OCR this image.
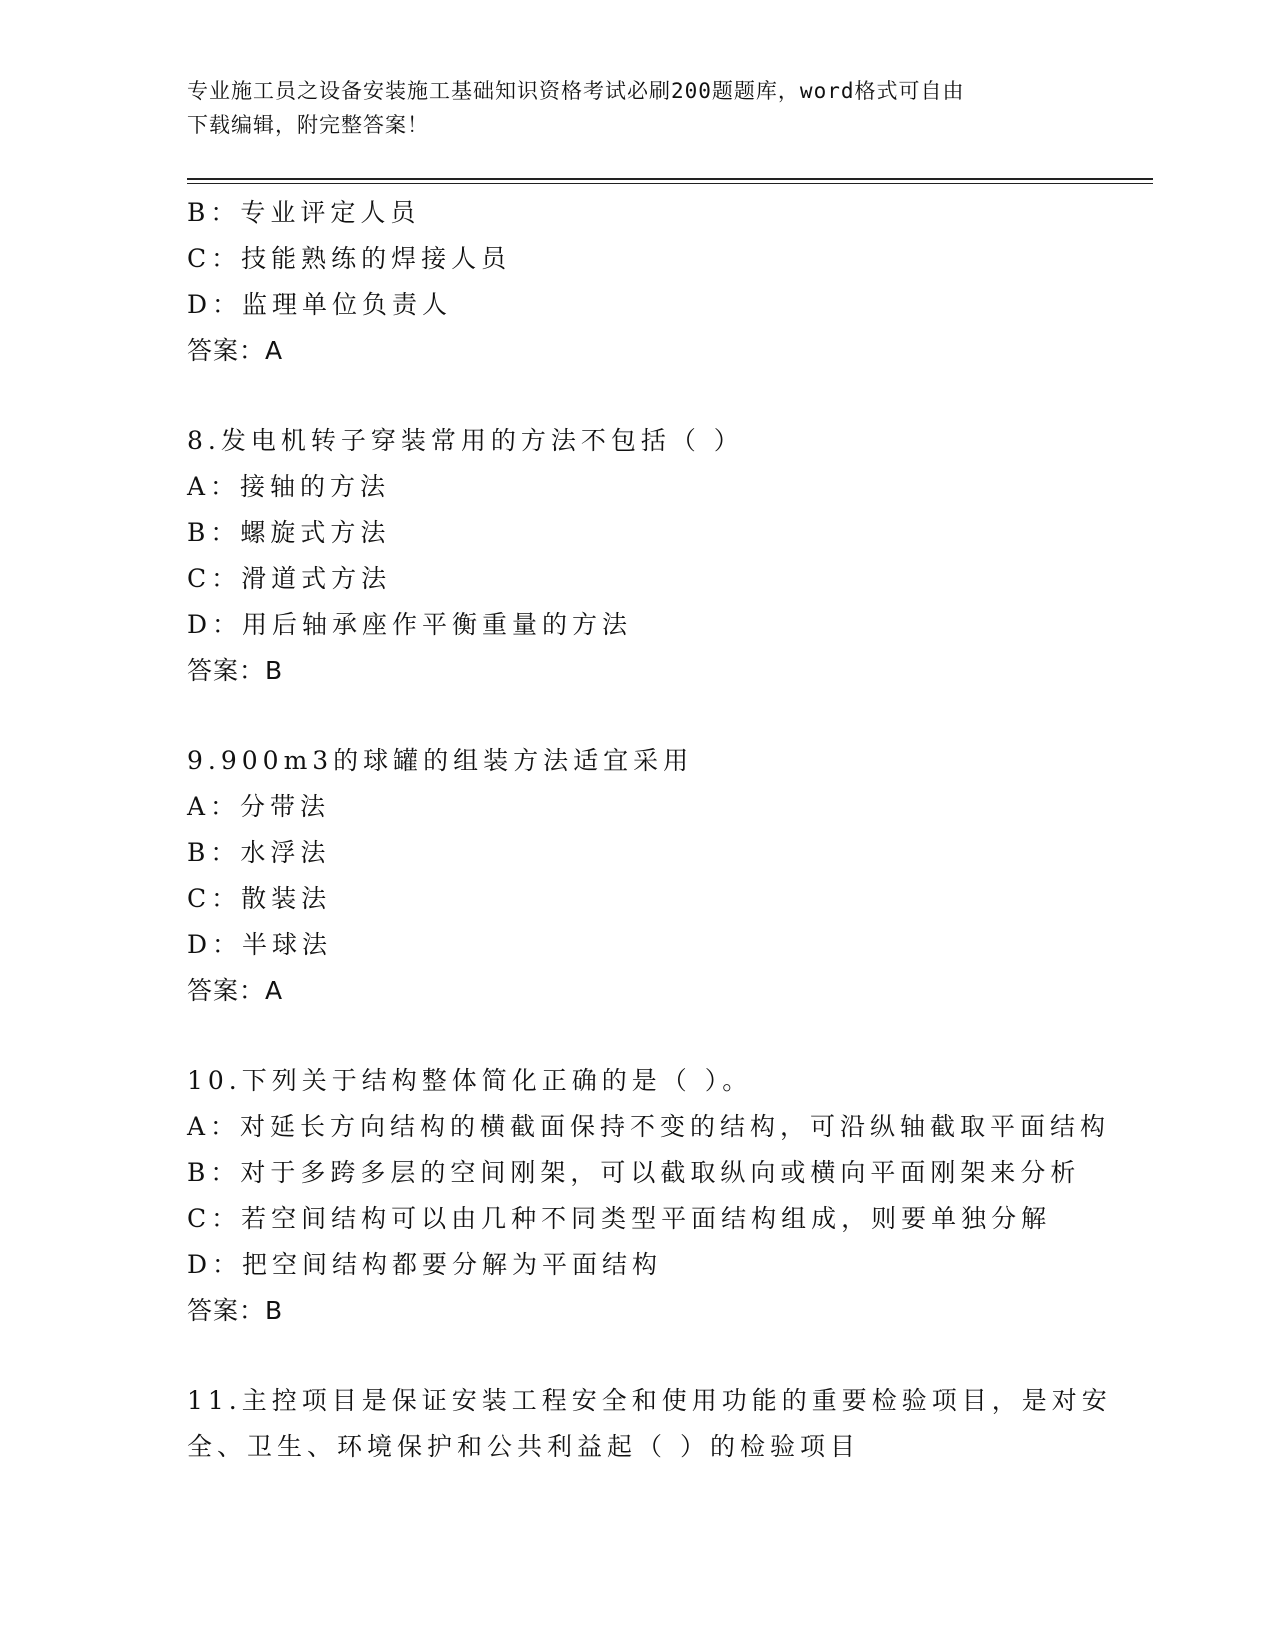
专业施工员之设备安装施工基础知识资格考试必刷200题题库，word格式可自由
下载编辑，附完整答案！
B：专业评定人员
C：技能熟练的焊接人员
D：监理单位负责人
答案：A
8.发电机转子穿装常用的方法不包括（ ）
A：接轴的方法
B：螺旋式方法
C：滑道式方法
D：用后轴承座作平衡重量的方法
答案：B
9.900m3的球罐的组装方法适宜采用
A：分带法
B：水浮法
C：散装法
D：半球法
答案：A
10.下列关于结构整体简化正确的是（ ）。
A：对延长方向结构的横截面保持不变的结构，可沿纵轴截取平面结构
B：对于多跨多层的空间刚架，可以截取纵向或横向平面刚架来分析
C：若空间结构可以由几种不同类型平面结构组成，则要单独分解
D：把空间结构都要分解为平面结构
答案：B
11.主控项目是保证安装工程安全和使用功能的重要检验项目，是对安
全、卫生、环境保护和公共利益起（ ）的检验项目
